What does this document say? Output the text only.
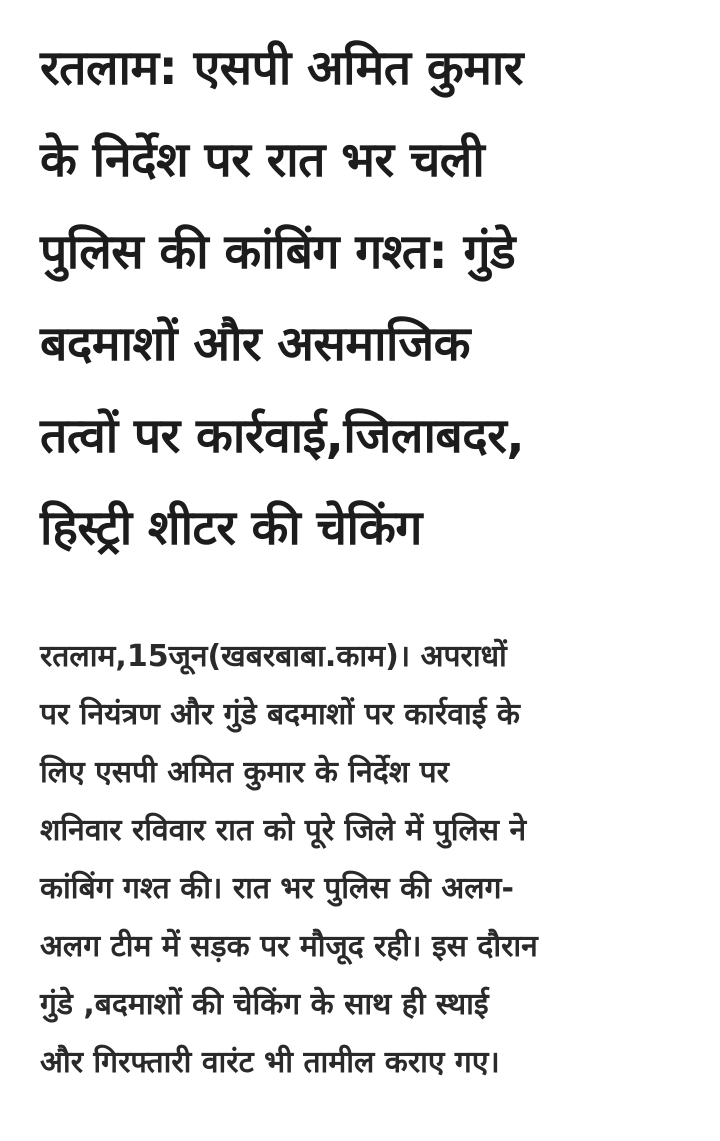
रतलाम: एसपी अमित कुमार
के निर्देश पर रात भर चली
पुलिस की कांबिंग गश्त: गुंडे
बदमाशों और असमाजिक
तत्वों पर कार्रवाई,जिलाबदर,
हिस्ट्री शीटर की चेकिंग

रतलाम,15जून(खबरबाबा.काम)। अपराधों
पर नियंत्रण और गुंडे बदमाशों पर कार्रवाई के
लिए एसपी अमित कुमार के निर्देश पर
शनिवार रविवार रात को पूरे जिले में पुलिस ने
कांबिंग गश्त की। रात भर पुलिस की अलग-
अलग टीम में सड़क पर मौजूद रही। इस दौरान
गुंडे ,बदमाशों की चेकिंग के साथ ही स्थाई
और गिरफ्तारी वारंट भी तामील कराए गए।
